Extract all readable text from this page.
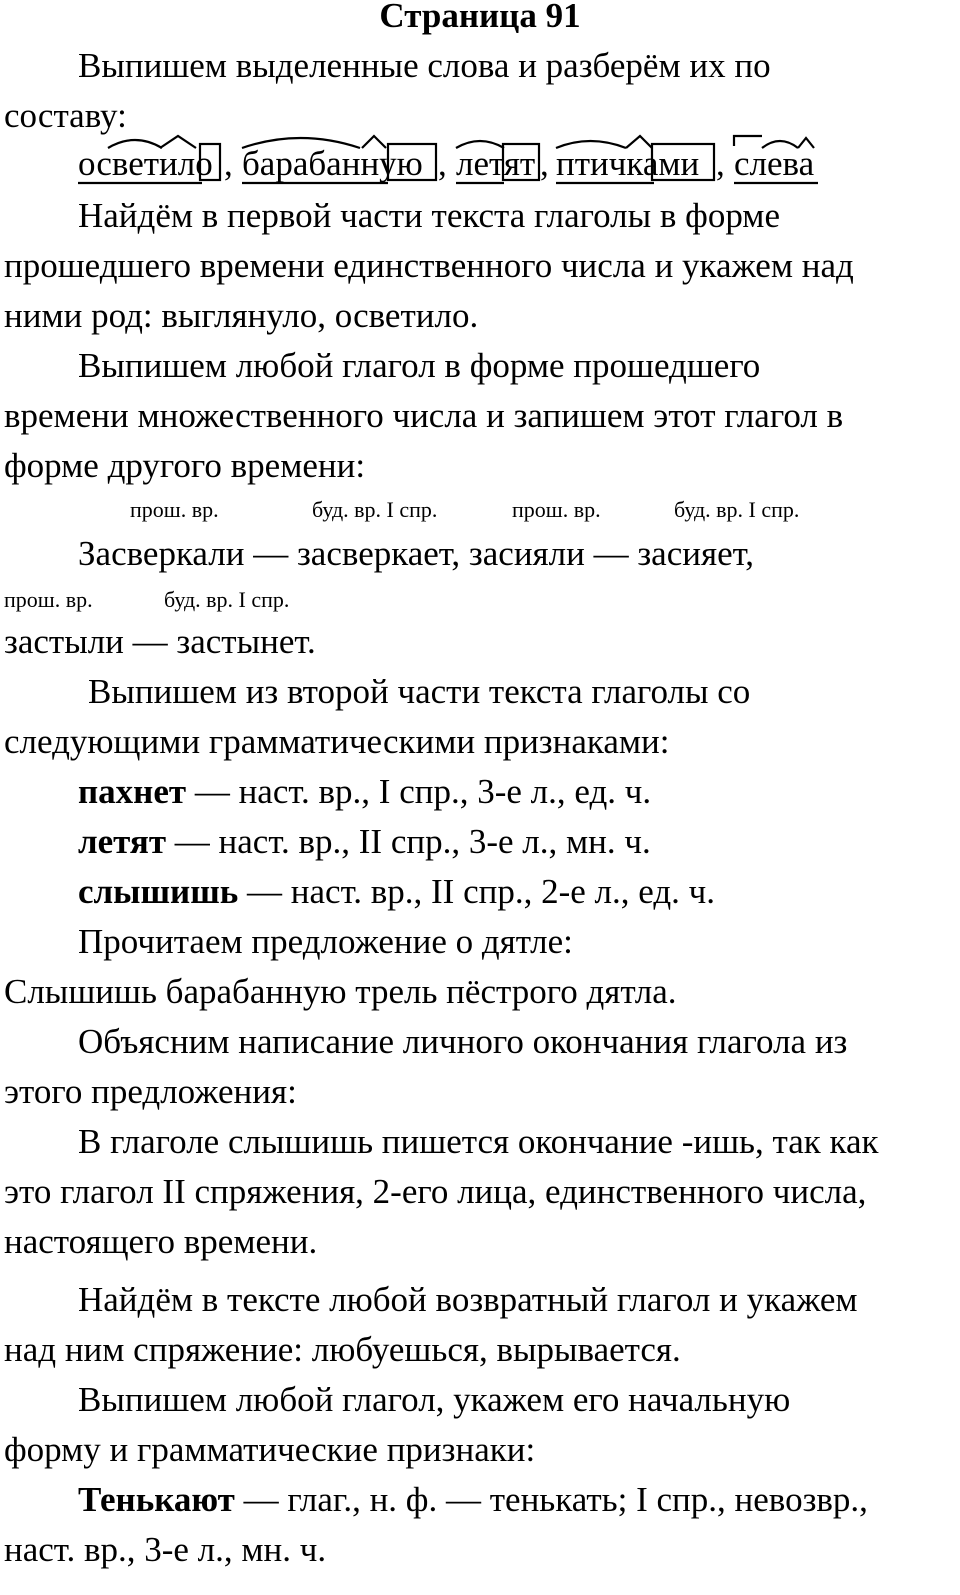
Страница 91
Выпишем выделенные слова и разберём их по
составу:
осветило , барабанную , летят , птичками , слева
Найдём в первой части текста глаголы в форме
прошедшего времени единственного числа и укажем над
ними род: выглянуло, осветило.
Выпишем любой глагол в форме прошедшего
времени множественного числа и запишем этот глагол в
форме другого времени:
прош. вр.	буд. вр. I спр.	прош. вр.	буд. вр. I спр.
Засверкали — засверкает, засияли — засияет,
прош. вр.	буд. вр. I спр.
застыли — застынет.
Выпишем из второй части текста глаголы со
следующими грамматическими признаками:
пахнет — наст. вр., I спр., 3-е л., ед. ч.
летят — наст. вр., II спр., 3-е л., мн. ч.
слышишь — наст. вр., II спр., 2-е л., ед. ч.
Прочитаем предложение о дятле:
Слышишь барабанную трель пёстрого дятла.
Объясним написание личного окончания глагола из
этого предложения:
В глаголе слышишь пишется окончание -ишь, так как
это глагол II спряжения, 2-его лица, единственного числа,
настоящего времени.
Найдём в тексте любой возвратный глагол и укажем
над ним спряжение: любуешься, вырывается.
Выпишем любой глагол, укажем его начальную
форму и грамматические признаки:
Тенькают — глаг., н. ф. — тенькать; I спр., невозвр.,
наст. вр., 3-е л., мн. ч.
